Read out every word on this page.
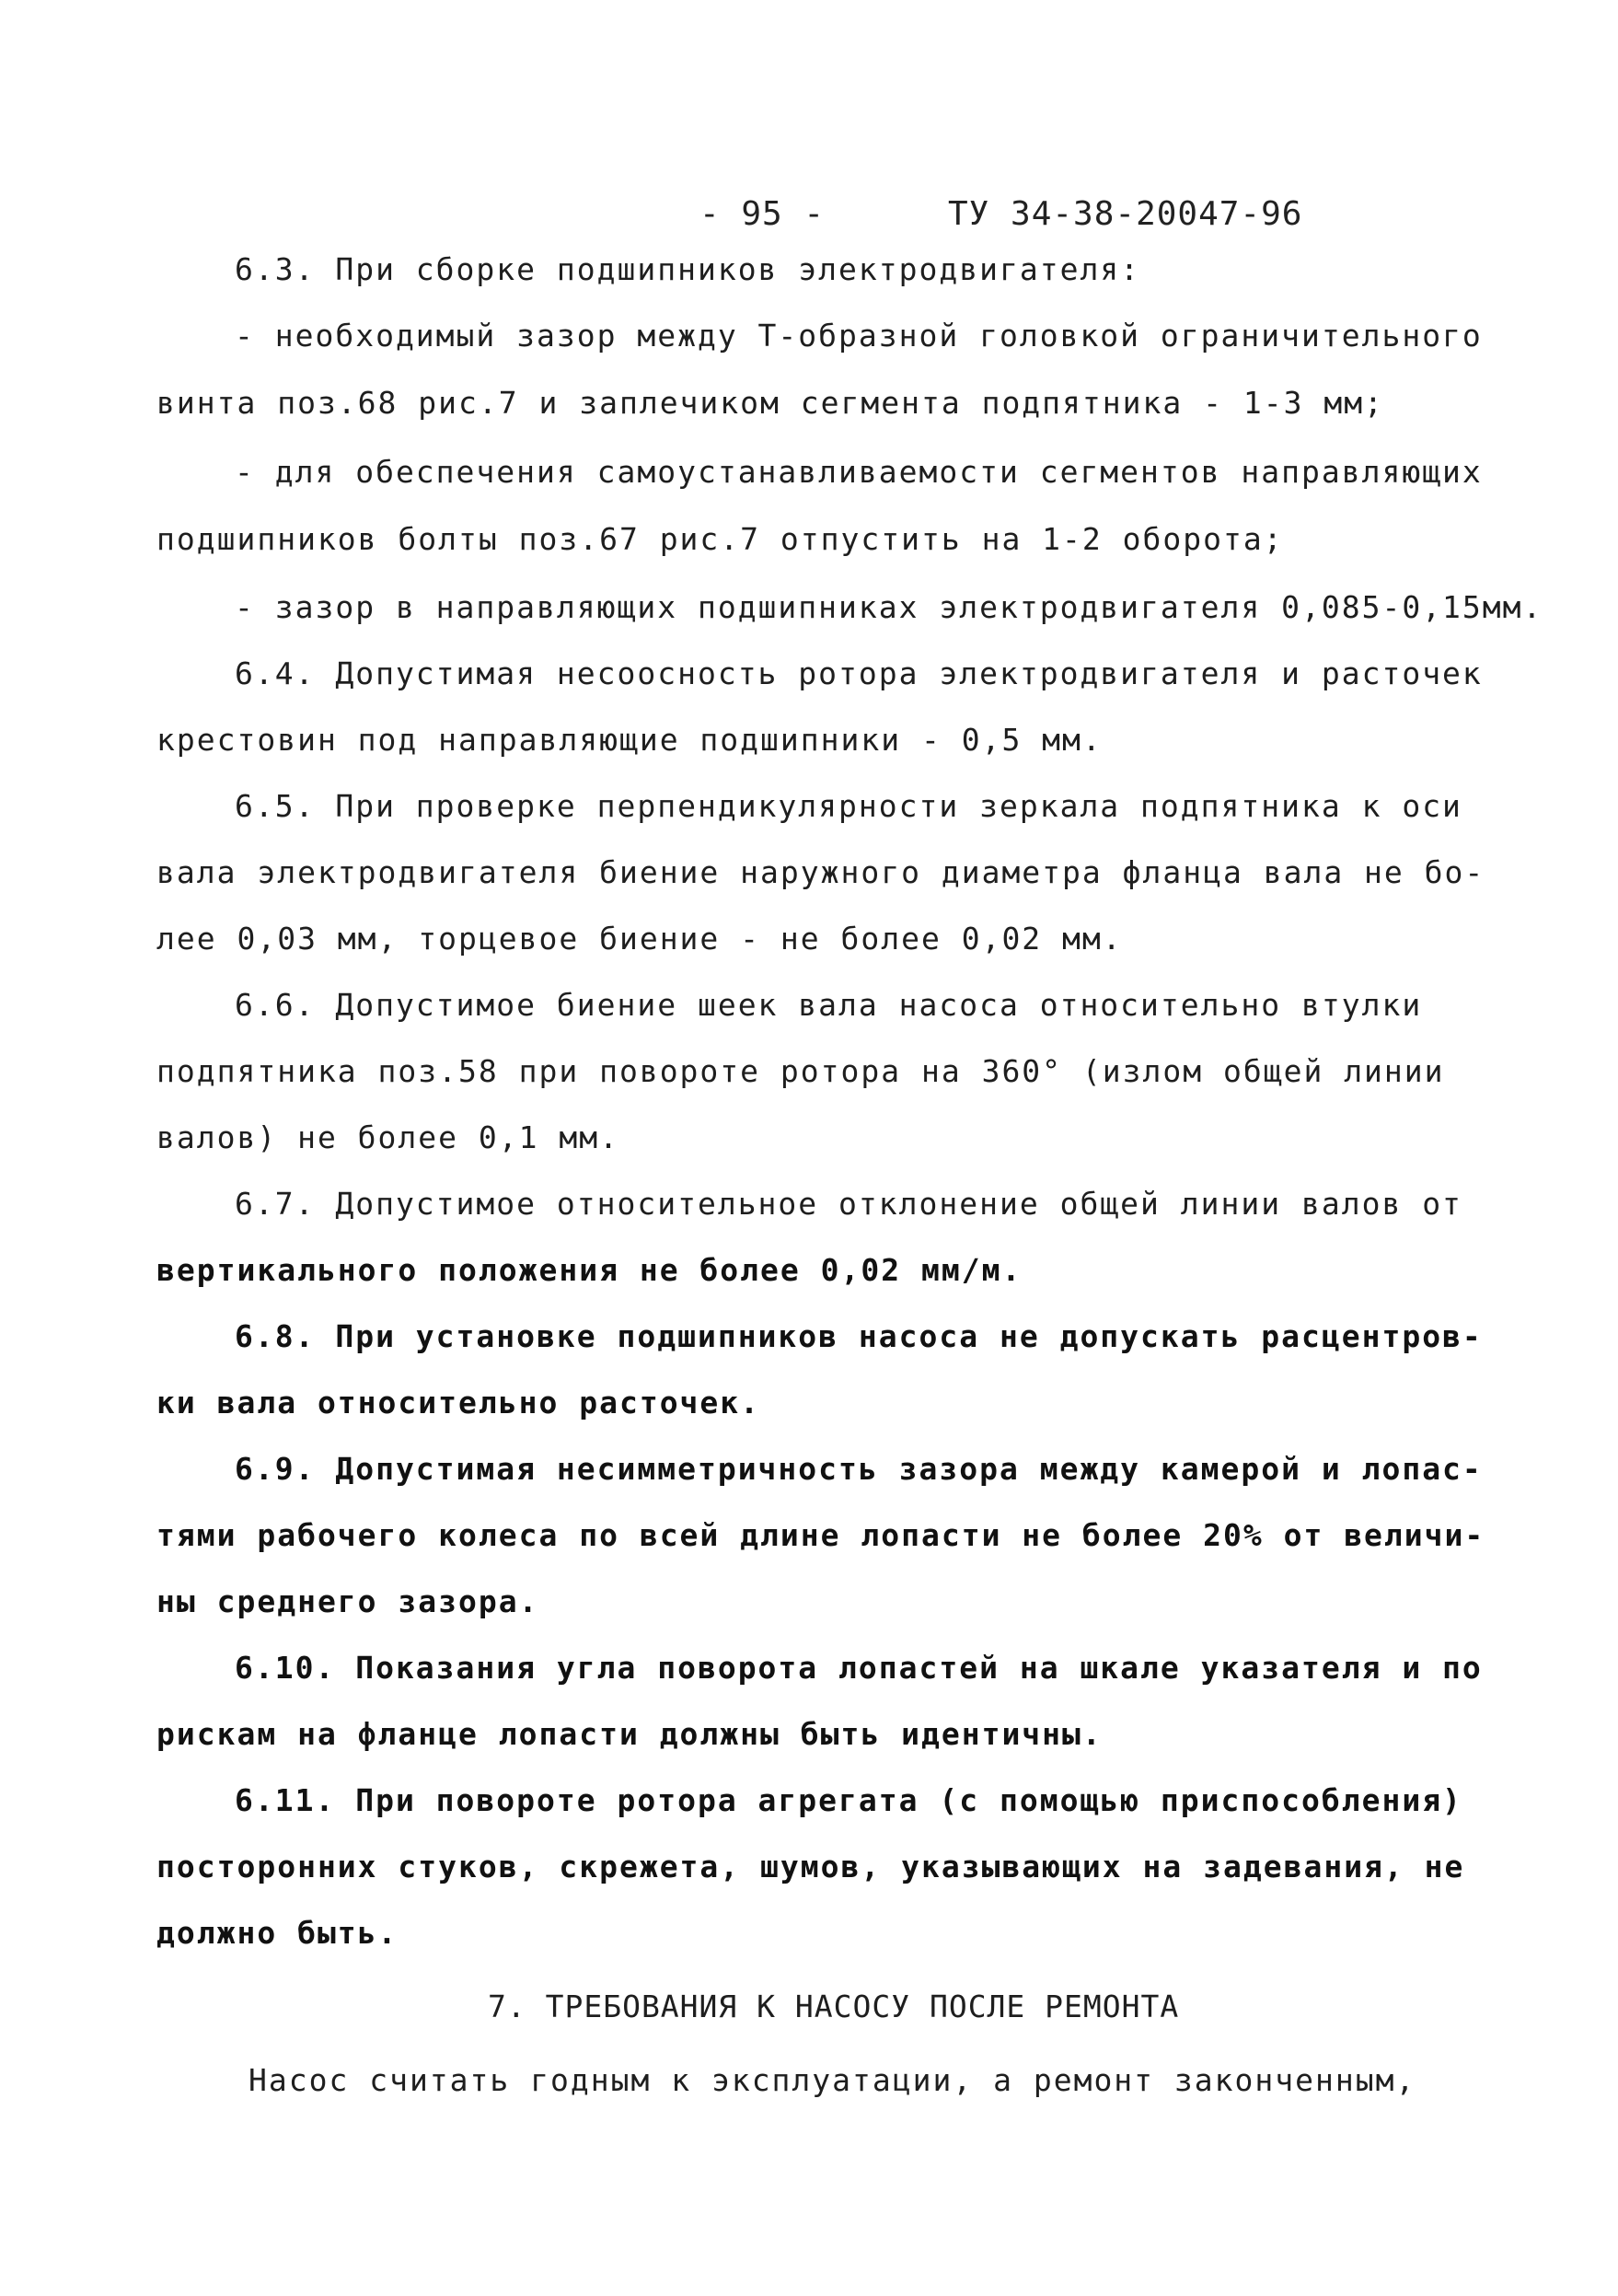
- 95 -	ТУ 34-38-20047-96
6.3. При сборке подшипников электродвигателя:
- необходимый зазор между Т-образной головкой ограничительного
винта поз.68 рис.7 и заплечиком сегмента подпятника - 1-3 мм;
- для обеспечения самоустанавливаемости сегментов направляющих
подшипников болты поз.67 рис.7 отпустить на 1-2 оборота;
- зазор в направляющих подшипниках электродвигателя 0,085-0,15мм.
6.4. Допустимая несоосность ротора электродвигателя и расточек
крестовин под направляющие подшипники - 0,5 мм.
6.5. При проверке перпендикулярности зеркала подпятника к оси
вала электродвигателя биение наружного диаметра фланца вала не бо-
лее 0,03 мм, торцевое биение - не более 0,02 мм.
6.6. Допустимое биение шеек вала насоса относительно втулки
подпятника поз.58 при повороте ротора на 360° (излом общей линии
валов) не более 0,1 мм.
6.7. Допустимое относительное отклонение общей линии валов от
вертикального положения не более 0,02 мм/м.
6.8. При установке подшипников насоса не допускать расцентров-
ки вала относительно расточек.
6.9. Допустимая несимметричность зазора между камерой и лопас-
тями рабочего колеса по всей длине лопасти не более 20% от величи-
ны среднего зазора.
6.10. Показания угла поворота лопастей на шкале указателя и по
рискам на фланце лопасти должны быть идентичны.
6.11. При повороте ротора агрегата (с помощью приспособления)
посторонних стуков, скрежета, шумов, указывающих на задевания, не
должно быть.
7. ТРЕБОВАНИЯ К НАСОСУ ПОСЛЕ РЕМОНТА
Насос считать годным к эксплуатации, а ремонт законченным,
